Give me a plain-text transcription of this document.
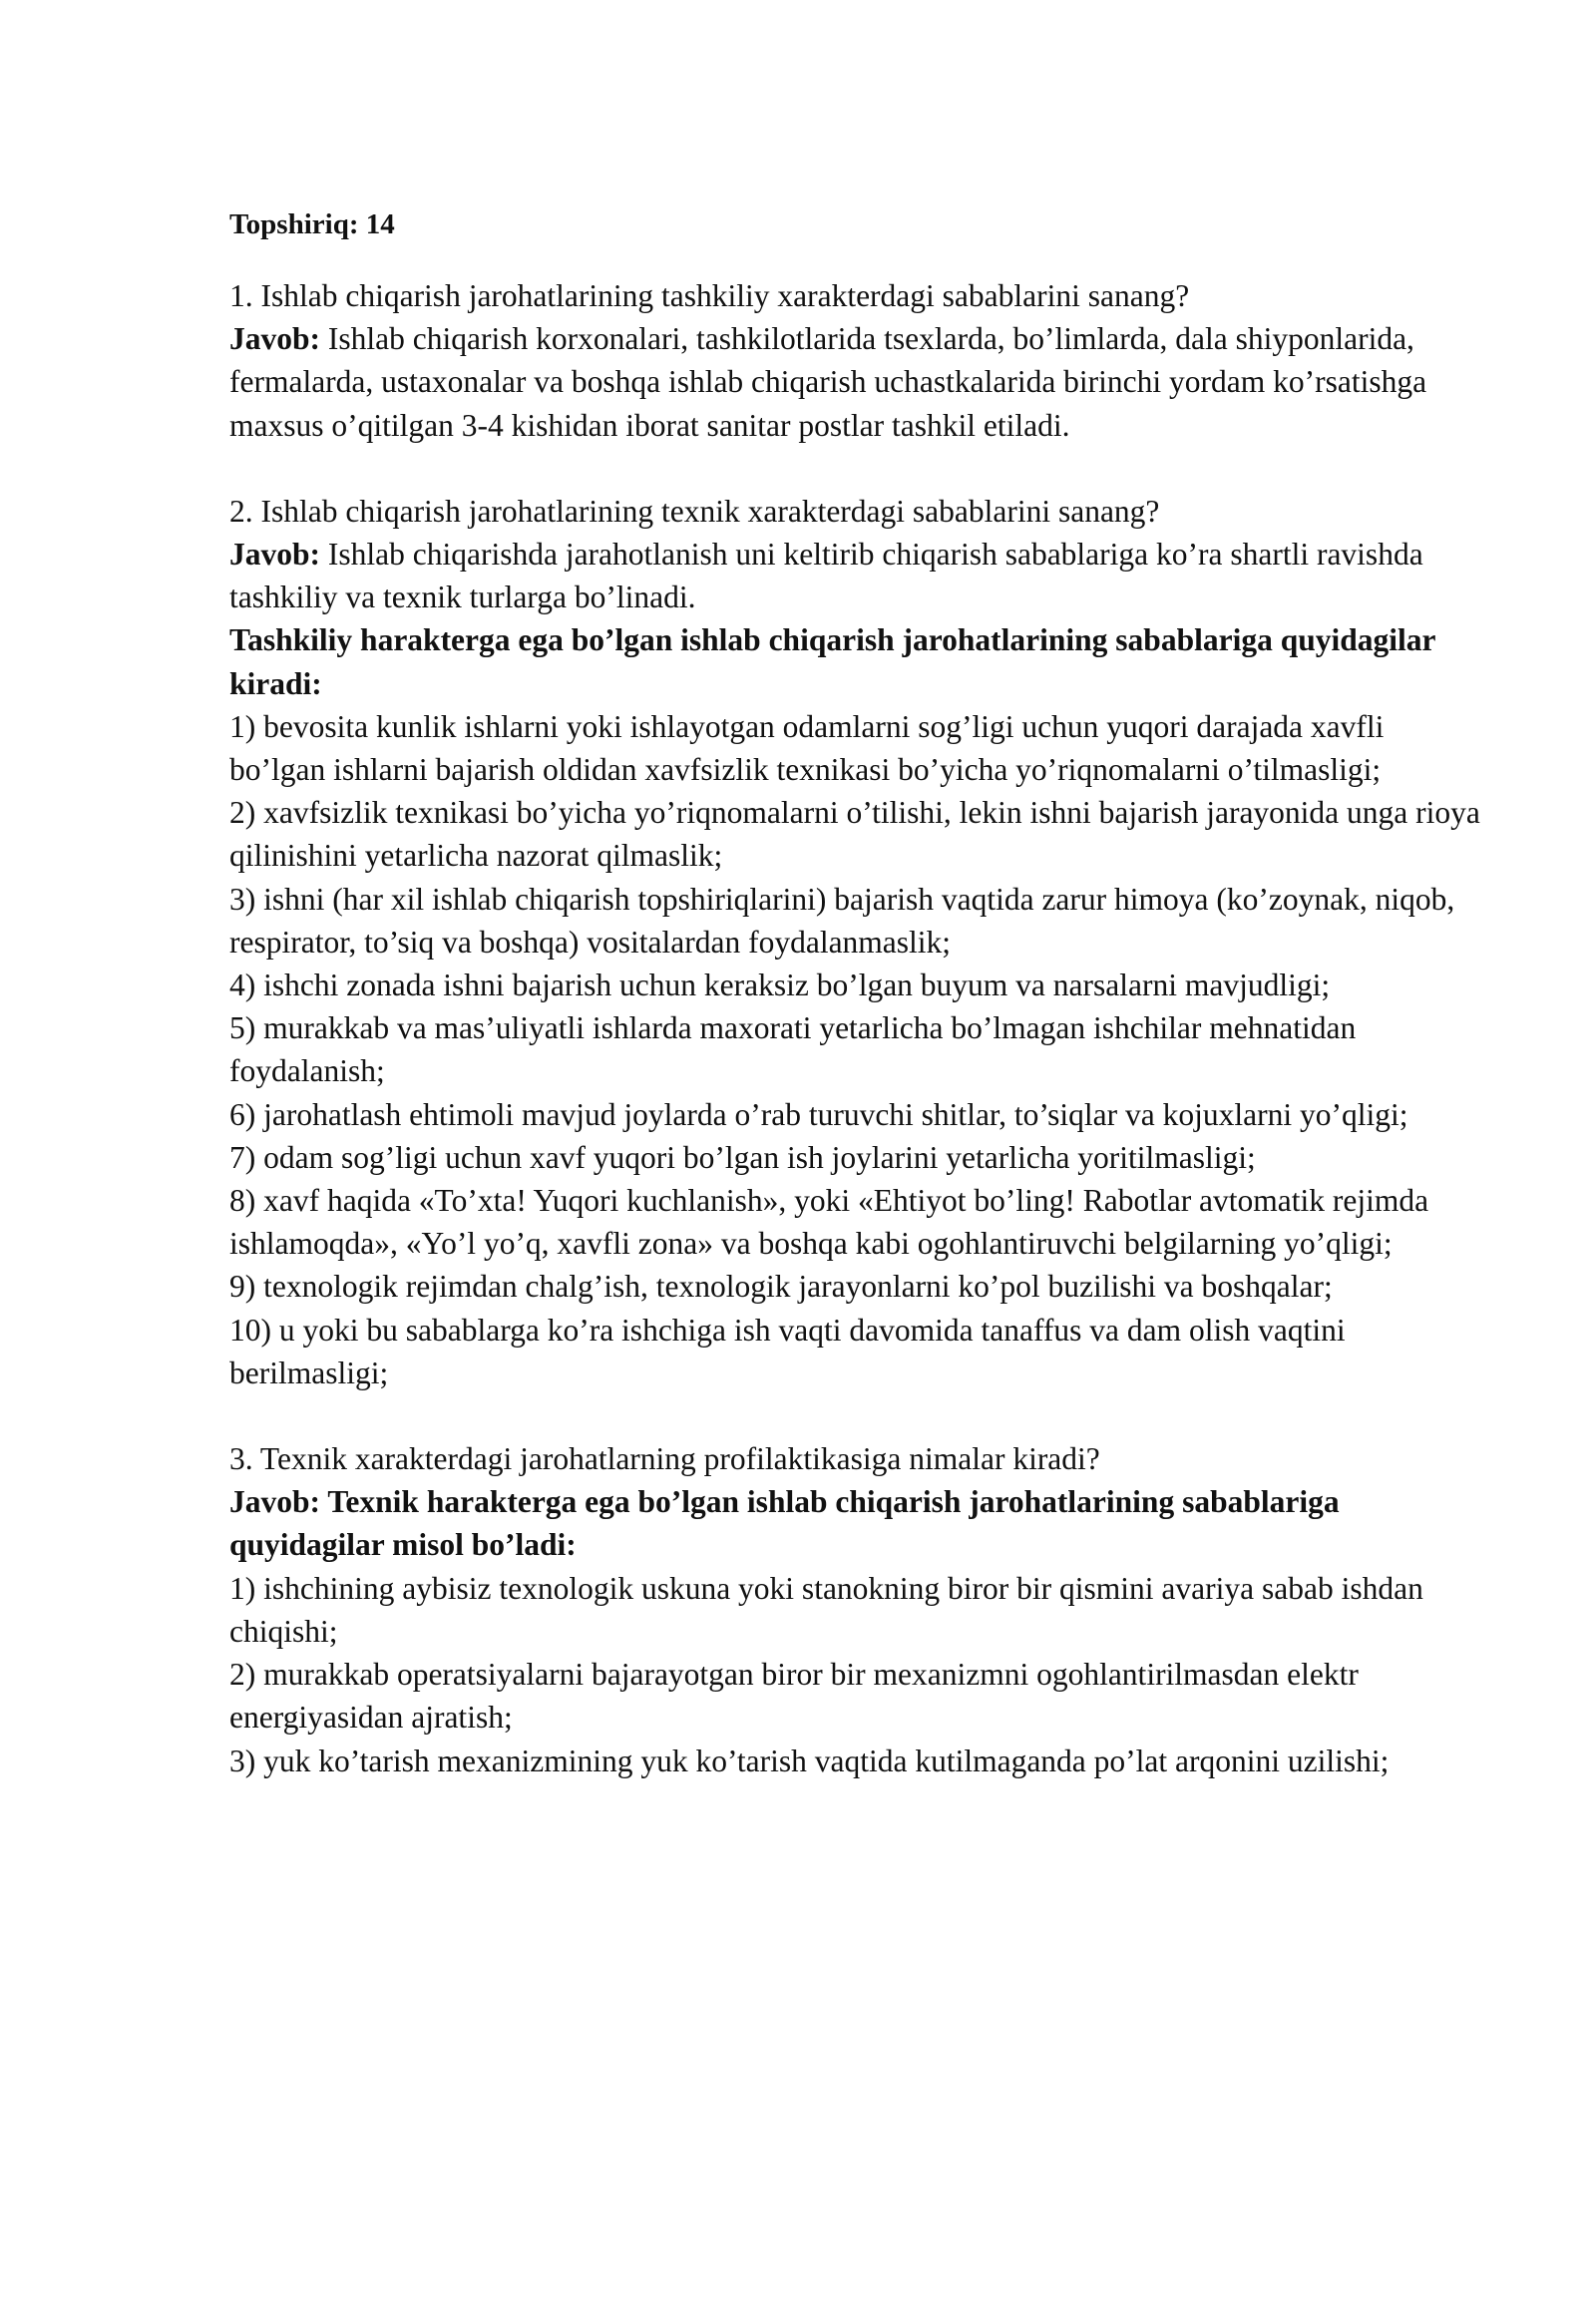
Topshiriq: 14

1. Ishlab chiqarish jarohatlarining tashkiliy xarakterdagi sabablarini sanang?

Javob: Ishlab chiqarish korxonalari, tashkilotlarida tsexlarda, bo’limlarda, dala shiyponlarida, fermalarda, ustaxonalar va boshqa ishlab chiqarish uchastkalarida birinchi yordam ko’rsatishga maxsus o’qitilgan 3-4 kishidan iborat sanitar postlar tashkil etiladi.

2. Ishlab chiqarish jarohatlarining texnik xarakterdagi sabablarini sanang?

Javob: Ishlab chiqarishda jarahotlanish uni keltirib chiqarish sabablariga ko’ra shartli ravishda tashkiliy va texnik turlarga bo’linadi.

Tashkiliy harakterga ega bo’lgan ishlab chiqarish jarohatlarining sabablariga quyidagilar kiradi:

1) bevosita kunlik ishlarni yoki ishlayotgan odamlarni sog’ligi uchun yuqori darajada xavfli bo’lgan ishlarni bajarish oldidan xavfsizlik texnikasi bo’yicha yo’riqnomalarni o’tilmasligi;

2) xavfsizlik texnikasi bo’yicha yo’riqnomalarni o’tilishi, lekin ishni bajarish jarayonida unga rioya qilinishini yetarlicha nazorat qilmaslik;

3) ishni (har xil ishlab chiqarish topshiriqlarini) bajarish vaqtida zarur himoya (ko’zoynak, niqob, respirator, to’siq va boshqa) vositalardan foydalanmaslik;

4) ishchi zonada ishni bajarish uchun keraksiz bo’lgan buyum va narsalarni mavjudligi;

5) murakkab va mas’uliyatli ishlarda maxorati yetarlicha bo’lmagan ishchilar mehnatidan foydalanish;

6) jarohatlash ehtimoli mavjud joylarda o’rab turuvchi shitlar, to’siqlar va kojuxlarni yo’qligi;

7) odam sog’ligi uchun xavf yuqori bo’lgan ish joylarini yetarlicha yoritilmasligi;

8) xavf haqida «To’xta! Yuqori kuchlanish», yoki «Ehtiyot bo’ling! Rabotlar avtomatik rejimda ishlamoqda», «Yo’l yo’q, xavfli zona» va boshqa kabi ogohlantiruvchi belgilarning yo’qligi;

9) texnologik rejimdan chalg’ish, texnologik jarayonlarni ko’pol buzilishi va boshqalar;

10) u yoki bu sabablarga ko’ra ishchiga ish vaqti davomida tanaffus va dam olish vaqtini berilmasligi;

3. Texnik xarakterdagi jarohatlarning profilaktikasiga nimalar kiradi?

Javob: Texnik harakterga ega bo’lgan ishlab chiqarish jarohatlarining sabablariga quyidagilar misol bo’ladi:

1) ishchining aybisiz texnologik uskuna yoki stanokning biror bir qismini avariya sabab ishdan chiqishi;

2) murakkab operatsiyalarni bajarayotgan biror bir mexanizmni ogohlantirilmasdan elektr energiyasidan ajratish;

3) yuk ko’tarish mexanizmining yuk ko’tarish vaqtida kutilmaganda po’lat arqonini uzilishi;
